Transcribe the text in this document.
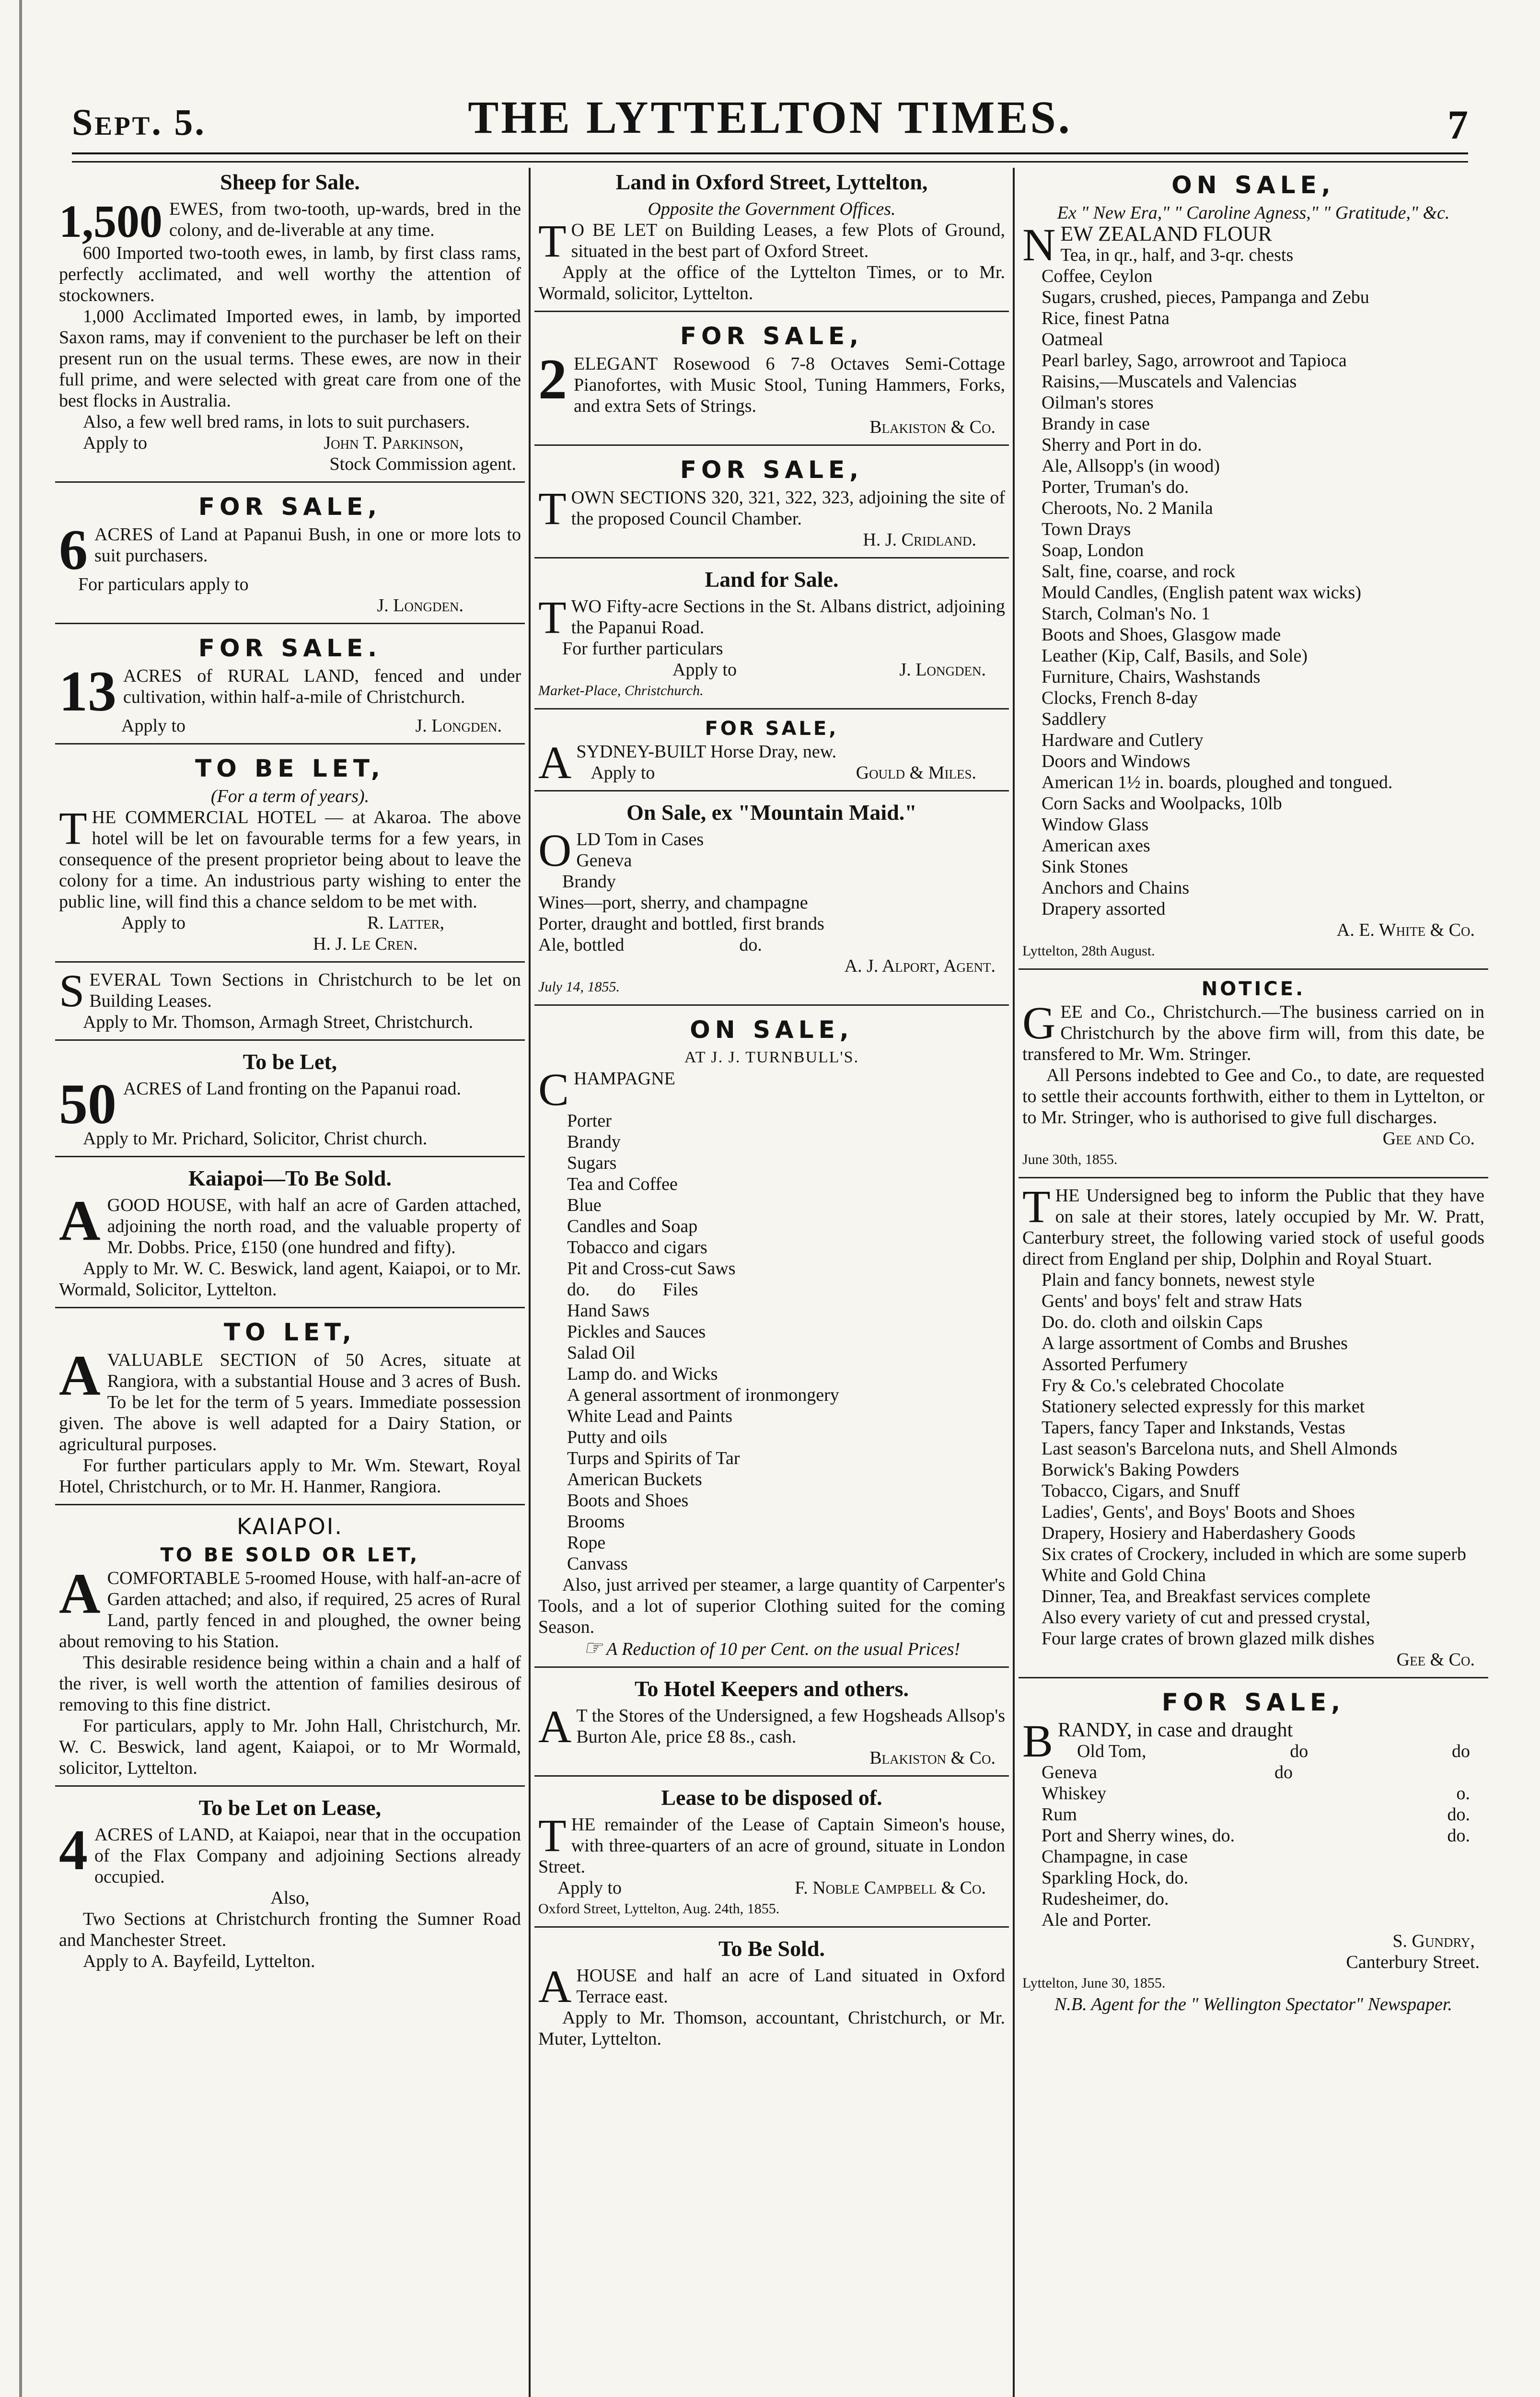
Sept. 5.	THE LYTTELTON TIMES.	7
Sheep for Sale.
1,500 EWES, from two-tooth, up-wards, bred in the colony, and de-liverable at any time.

600 Imported two-tooth ewes, in lamb, by first class rams, perfectly acclimated, and well worthy the attention of stockowners.

1,000 Acclimated Imported ewes, in lamb, by imported Saxon rams, may if convenient to the purchaser be left on their present run on the usual terms. These ewes, are now in their full prime, and were selected with great care from one of the best flocks in Australia.

Also, a few well bred rams, in lots to suit purchasers.

Apply to	John T. Parkinson,
Stock Commission agent.
FOR SALE,
6 ACRES of Land at Papanui Bush, in one or more lots to suit purchasers.

For particulars apply to
J. Longden.
FOR SALE.
13 ACRES of RURAL LAND, fenced and under cultivation, within half-a-mile of Christchurch.

Apply to	J. Longden.
TO BE LET,
(For a term of years).
T HE COMMERCIAL HOTEL — at Akaroa. The above hotel will be let on favourable terms for a few years, in consequence of the present proprietor being about to leave the colony for a time. An industrious party wishing to enter the public line, will find this a chance seldom to be met with.

Apply to	R. Latter,
H. J. Le Cren.
S EVERAL Town Sections in Christchurch to be let on Building Leases.

Apply to Mr. Thomson, Armagh Street, Christchurch.

To be Let,
50 ACRES of Land fronting on the Papanui road.

Apply to Mr. Prichard, Solicitor, Christ church.

Kaiapoi—To Be Sold.
A GOOD HOUSE, with half an acre of Garden attached, adjoining the north road, and the valuable property of Mr. Dobbs. Price, £150 (one hundred and fifty).

Apply to Mr. W. C. Beswick, land agent, Kaiapoi, or to Mr. Wormald, Solicitor, Lyttelton.

TO LET,
A VALUABLE SECTION of 50 Acres, situate at Rangiora, with a substantial House and 3 acres of Bush. To be let for the term of 5 years. Immediate possession given. The above is well adapted for a Dairy Station, or agricultural purposes.

For further particulars apply to Mr. Wm. Stewart, Royal Hotel, Christchurch, or to Mr. H. Hanmer, Rangiora.

KAIAPOI.
TO BE SOLD OR LET,
A COMFORTABLE 5-roomed House, with half-an-acre of Garden attached; and also, if required, 25 acres of Rural Land, partly fenced in and ploughed, the owner being about removing to his Station.

This desirable residence being within a chain and a half of the river, is well worth the attention of families desirous of removing to this fine district.

For particulars, apply to Mr. John Hall, Christchurch, Mr. W. C. Beswick, land agent, Kaiapoi, or to Mr Wormald, solicitor, Lyttelton.

To be Let on Lease,
4 ACRES of LAND, at Kaiapoi, near that in the occupation of the Flax Company and adjoining Sections already occupied.

Also,

Two Sections at Christchurch fronting the Sumner Road and Manchester Street.

Apply to A. Bayfeild, Lyttelton.

Land in Oxford Street, Lyttelton,
Opposite the Government Offices.
T O BE LET on Building Leases, a few Plots of Ground, situated in the best part of Oxford Street.

Apply at the office of the Lyttelton Times, or to Mr. Wormald, solicitor, Lyttelton.

FOR SALE,
2 ELEGANT Rosewood 6 7-8 Octaves Semi-Cottage Pianofortes, with Music Stool, Tuning Hammers, Forks, and extra Sets of Strings.

Blakiston & Co.
FOR SALE,
T OWN SECTIONS 320, 321, 322, 323, adjoining the site of the proposed Council Chamber.

H. J. Cridland.
Land for Sale.
T WO Fifty-acre Sections in the St. Albans district, adjoining the Papanui Road.

For further particulars
Apply to	J. Longden.
Market-Place, Christchurch.
FOR SALE,
A SYDNEY-BUILT Horse Dray, new.

Apply to	Gould & Miles.
On Sale, ex "Mountain Maid."
O LD Tom in Cases
Geneva
Brandy
Wines—port, sherry, and champagne
Porter, draught and bottled, first brands
Ale, bottled	do.
A. J. Alport, Agent.
July 14, 1855.
ON SALE,
AT J. J. TURNBULL'S.
C HAMPAGNE
Porter
Brandy
Sugars
Tea and Coffee
Blue
Candles and Soap
Tobacco and cigars
Pit and Cross-cut Saws
do.      do      Files
Hand Saws
Pickles and Sauces
Salad Oil
Lamp do. and Wicks
A general assortment of ironmongery
White Lead and Paints
Putty and oils
Turps and Spirits of Tar
American Buckets
Boots and Shoes
Brooms
Rope
Canvass

Also, just arrived per steamer, a large quantity of Carpenter's Tools, and a lot of superior Clothing suited for the coming Season.

☞ A Reduction of 10 per Cent. on the usual Prices!
To Hotel Keepers and others.
A T the Stores of the Undersigned, a few Hogsheads Allsop's Burton Ale, price £8 8s., cash.

Blakiston & Co.
Lease to be disposed of.
T HE remainder of the Lease of Captain Simeon's house, with three-quarters of an acre of ground, situate in London Street.

Apply to	F. Noble Campbell & Co.
Oxford Street, Lyttelton, Aug. 24th, 1855.
To Be Sold.
A HOUSE and half an acre of Land situated in Oxford Terrace east.

Apply to Mr. Thomson, accountant, Christchurch, or Mr. Muter, Lyttelton.

ON SALE,
Ex " New Era," " Caroline Agness," " Gratitude," &c.
N EW ZEALAND FLOUR
Tea, in qr., half, and 3-qr. chests
Coffee, Ceylon
Sugars, crushed, pieces, Pampanga and Zebu
Rice, finest Patna
Oatmeal
Pearl barley, Sago, arrowroot and Tapioca
Raisins,—Muscatels and Valencias
Oilman's stores
Brandy in case
Sherry and Port in do.
Ale, Allsopp's (in wood)
Porter, Truman's do.
Cheroots, No. 2 Manila
Town Drays
Soap, London
Salt, fine, coarse, and rock
Mould Candles, (English patent wax wicks)
Starch, Colman's No. 1
Boots and Shoes, Glasgow made
Leather (Kip, Calf, Basils, and Sole)
Furniture, Chairs, Washstands
Clocks, French 8-day
Saddlery
Hardware and Cutlery
Doors and Windows
American 1½ in. boards, ploughed and tongued.
Corn Sacks and Woolpacks, 10lb
Window Glass
American axes
Sink Stones
Anchors and Chains
Drapery assorted
A. E. White & Co.
Lyttelton, 28th August.
NOTICE.
G EE and Co., Christchurch.—The business carried on in Christchurch by the above firm will, from this date, be transfered to Mr. Wm. Stringer.

All Persons indebted to Gee and Co., to date, are requested to settle their accounts forthwith, either to them in Lyttelton, or to Mr. Stringer, who is authorised to give full discharges.

Gee and Co.
June 30th, 1855.
T HE Undersigned beg to inform the Public that they have on sale at their stores, lately occupied by Mr. W. Pratt, Canterbury street, the following varied stock of useful goods direct from England per ship, Dolphin and Royal Stuart.

Plain and fancy bonnets, newest style
Gents' and boys' felt and straw Hats
Do. do. cloth and oilskin Caps
A large assortment of Combs and Brushes
Assorted Perfumery
Fry & Co.'s celebrated Chocolate
Stationery selected expressly for this market
Tapers, fancy Taper and Inkstands, Vestas
Last season's Barcelona nuts, and Shell Almonds
Borwick's Baking Powders
Tobacco, Cigars, and Snuff
Ladies', Gents', and Boys' Boots and Shoes
Drapery, Hosiery and Haberdashery Goods
Six crates of Crockery, included in which are some superb White and Gold China
Dinner, Tea, and Breakfast services complete
Also every variety of cut and pressed crystal,
Four large crates of brown glazed milk dishes
Gee & Co.
FOR SALE,
B RANDY, in case and draught
Old Tom,	do	do
Geneva	do
Whiskey	o.
Rum	do.
Port and Sherry wines, do.	do.
Champagne, in case
Sparkling Hock, do.
Rudesheimer, do.
Ale and Porter.
S. Gundry,
Canterbury Street.
Lyttelton, June 30, 1855.
N.B. Agent for the " Wellington Spectator" Newspaper.
